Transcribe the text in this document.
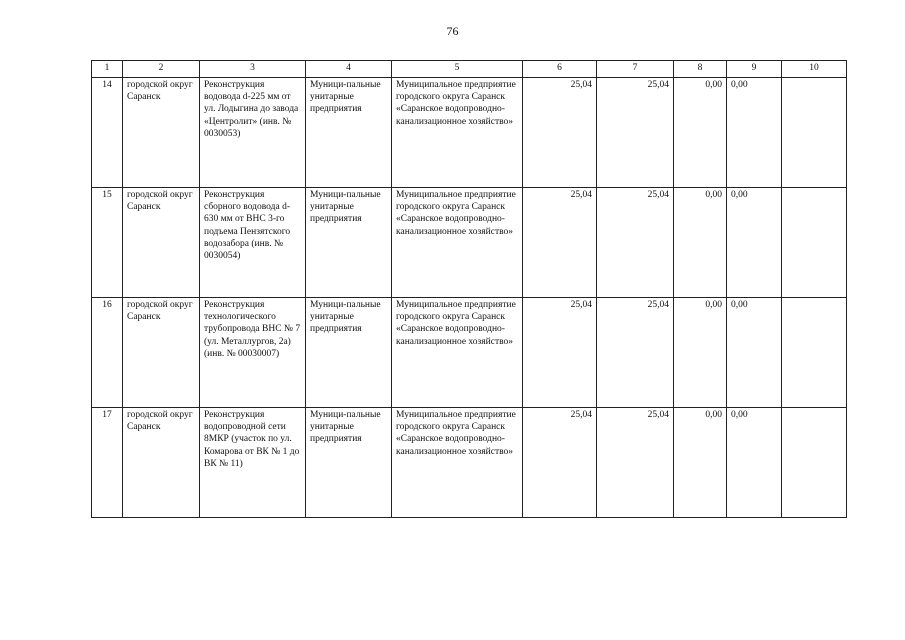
76
1	2	3	4	5	6	7	8	9	10
14	городской округ Саранск	Реконструкция водовода d-225 мм от ул. Лодыгина до завода «Центролит» (инв. № 0030053)	Муници-пальные унитарные предприятия	Муниципальное предприятие городского округа Саранск «Саранское водопроводно-канализационное хозяйство»	25,04	25,04	0,00	0,00	
15	городской округ Саранск	Реконструкция сборного водовода d-630 мм от ВНС 3-го подъема Пензятского водозабора (инв. № 0030054)	Муници-пальные унитарные предприятия	Муниципальное предприятие городского округа Саранск «Саранское водопроводно-канализационное хозяйство»	25,04	25,04	0,00	0,00	
16	городской округ Саранск	Реконструкция технологического трубопровода ВНС № 7 (ул. Металлургов, 2а) (инв. № 00030007)	Муници-пальные унитарные предприятия	Муниципальное предприятие городского округа Саранск «Саранское водопроводно-канализационное хозяйство»	25,04	25,04	0,00	0,00	
17	городской округ Саранск	Реконструкция водопроводной сети 8МКР (участок по ул. Комарова от ВК № 1 до ВК № 11)	Муници-пальные унитарные предприятия	Муниципальное предприятие городского округа Саранск «Саранское водопроводно-канализационное хозяйство»	25,04	25,04	0,00	0,00	
